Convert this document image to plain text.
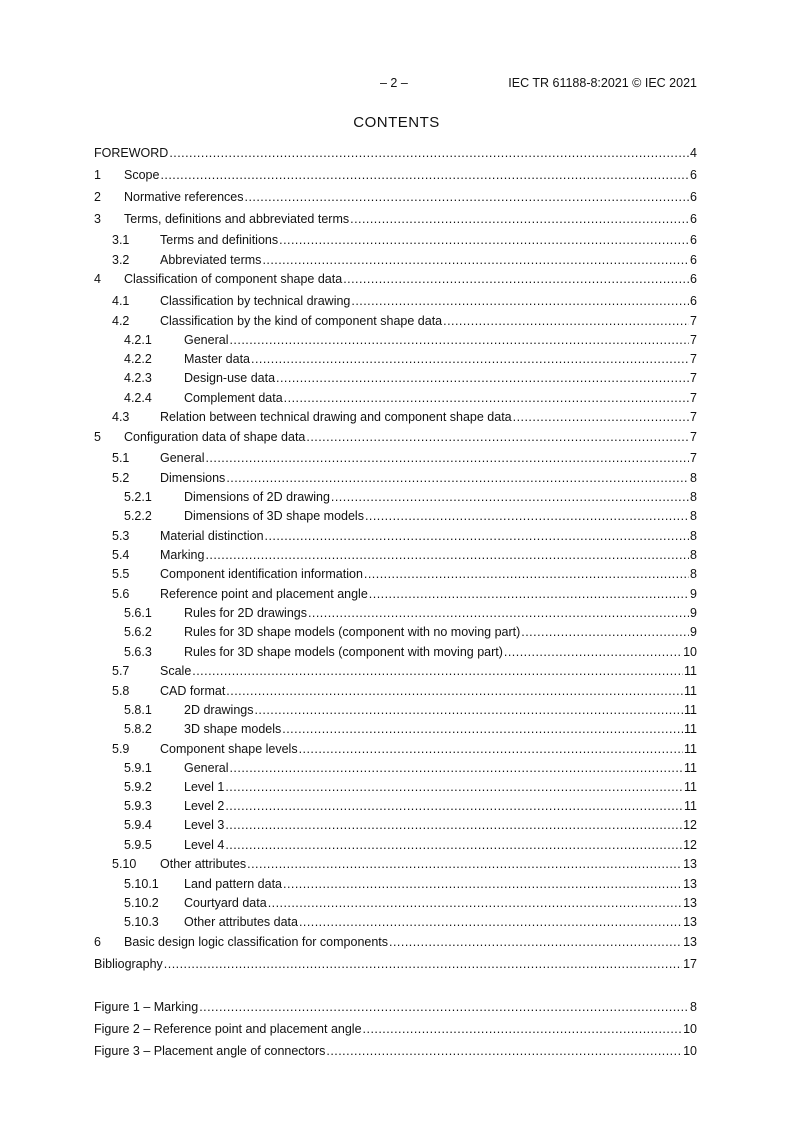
– 2 –	IEC TR 61188-8:2021 © IEC 2021
CONTENTS
FOREWORD . . .	4
1	Scope . . .	6
2	Normative references . . .	6
3	Terms, definitions and abbreviated terms . . .	6
3.1	Terms and definitions . . .	6
3.2	Abbreviated terms . . .	6
4	Classification of component shape data . . .	6
4.1	Classification by technical drawing . . .	6
4.2	Classification by the kind of component shape data . . .	7
4.2.1	General . . .	7
4.2.2	Master data . . .	7
4.2.3	Design-use data . . .	7
4.2.4	Complement data . . .	7
4.3	Relation between technical drawing and component shape data . . .	7
5	Configuration data of shape data . . .	7
5.1	General . . .	7
5.2	Dimensions . . .	8
5.2.1	Dimensions of 2D drawing . . .	8
5.2.2	Dimensions of 3D shape models . . .	8
5.3	Material distinction . . .	8
5.4	Marking . . .	8
5.5	Component identification information . . .	8
5.6	Reference point and placement angle . . .	9
5.6.1	Rules for 2D drawings . . .	9
5.6.2	Rules for 3D shape models (component with no moving part) . . .	9
5.6.3	Rules for 3D shape models (component with moving part) . . .	10
5.7	Scale . . .	11
5.8	CAD format . . .	11
5.8.1	2D drawings . . .	11
5.8.2	3D shape models . . .	11
5.9	Component shape levels . . .	11
5.9.1	General . . .	11
5.9.2	Level 1 . . .	11
5.9.3	Level 2 . . .	11
5.9.4	Level 3 . . .	12
5.9.5	Level 4 . . .	12
5.10	Other attributes . . .	13
5.10.1	Land pattern data . . .	13
5.10.2	Courtyard data . . .	13
5.10.3	Other attributes data . . .	13
6	Basic design logic classification for components . . .	13
Bibliography . . .	17
Figure 1 – Marking . . .	8
Figure 2 – Reference point and placement angle . . .	10
Figure 3 – Placement angle of connectors . . .	10
